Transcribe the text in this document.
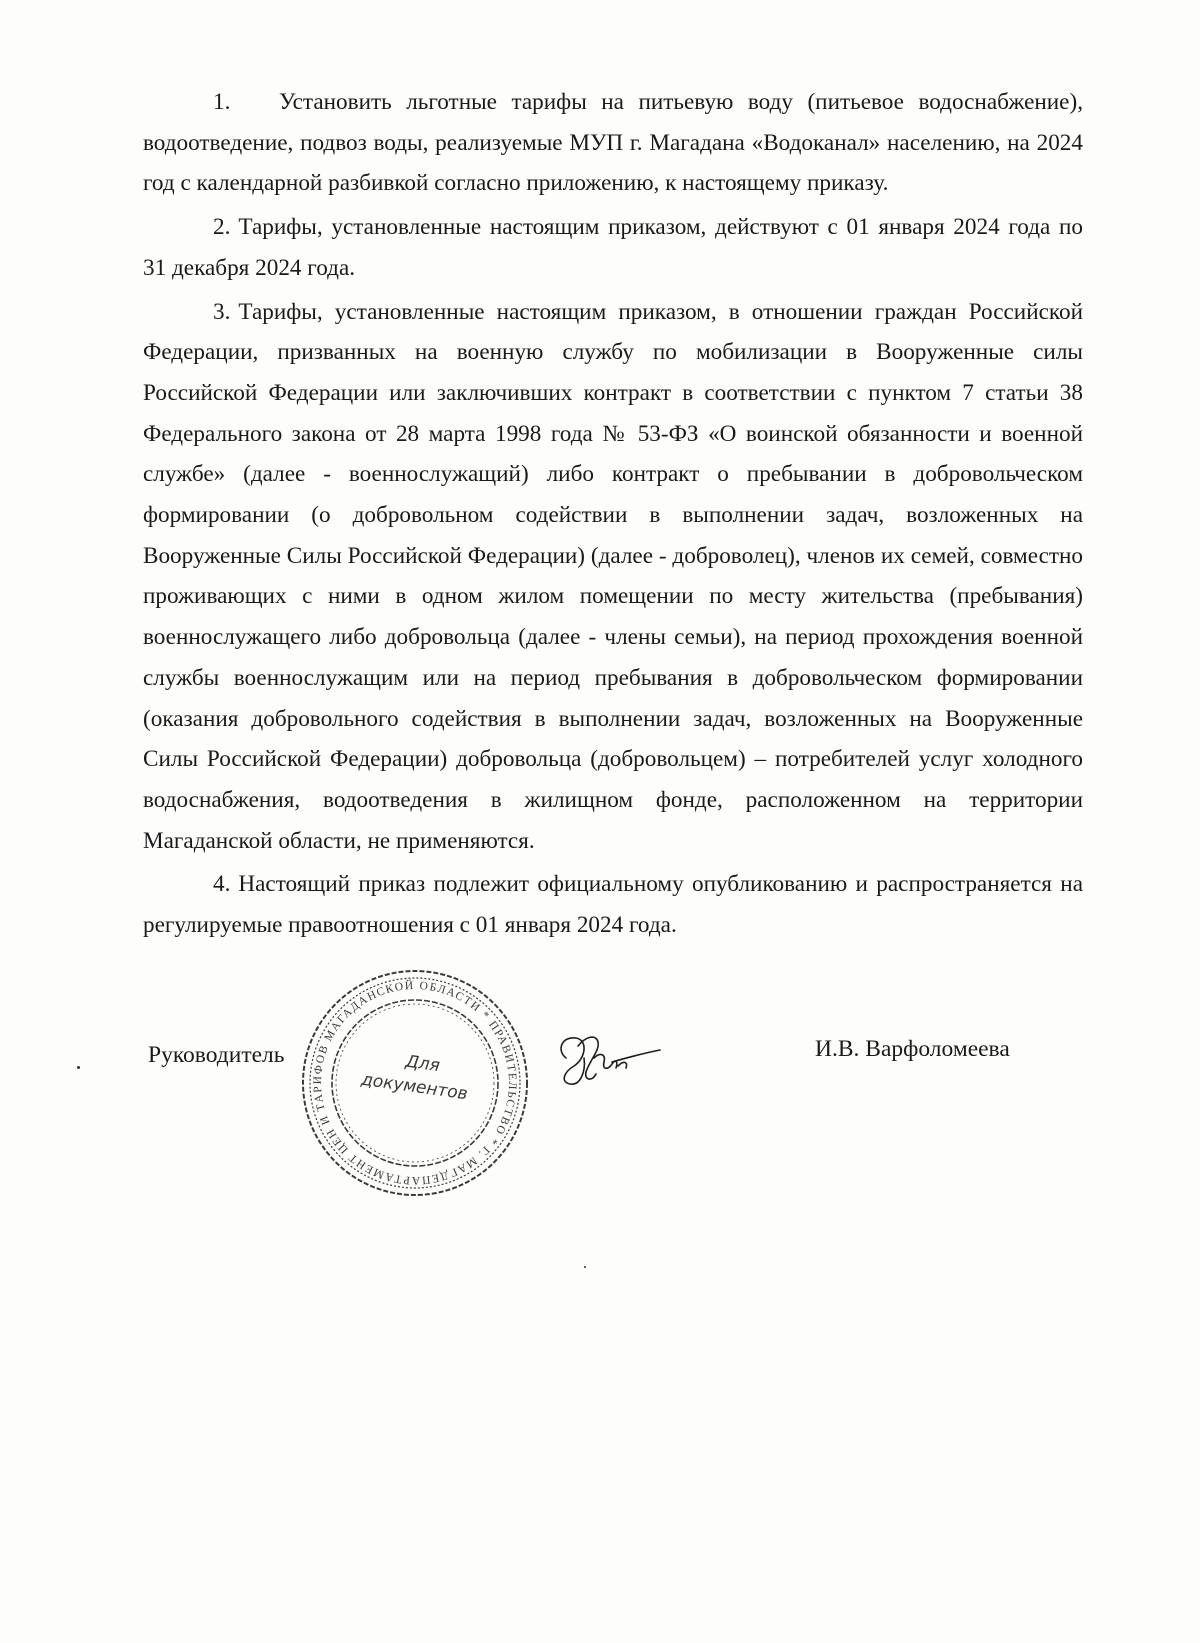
1. Установить льготные тарифы на питьевую воду (питьевое водоснабжение), водоотведение, подвоз воды, реализуемые МУП г. Магадана «Водоканал» населению, на 2024 год с календарной разбивкой согласно приложению, к настоящему приказу.

2. Тарифы, установленные настоящим приказом, действуют с 01 января 2024 года по 31 декабря 2024 года.

3. Тарифы, установленные настоящим приказом, в отношении граждан Российской Федерации, призванных на военную службу по мобилизации в Вооруженные силы Российской Федерации или заключивших контракт в соответствии с пунктом 7 статьи 38 Федерального закона от 28 марта 1998 года № 53-ФЗ «О воинской обязанности и военной службе» (далее - военнослужащий) либо контракт о пребывании в добровольческом формировании (о добровольном содействии в выполнении задач, возложенных на Вооруженные Силы Российской Федерации) (далее - доброволец), членов их семей, совместно проживающих с ними в одном жилом помещении по месту жительства (пребывания) военнослужащего либо добровольца (далее - члены семьи), на период прохождения военной службы военнослужащим или на период пребывания в добровольческом формировании (оказания добровольного содействия в выполнении задач, возложенных на Вооруженные Силы Российской Федерации) добровольца (добровольцем) – потребителей услуг холодного водоснабжения, водоотведения в жилищном фонде, расположенном на территории Магаданской области, не применяются.

4. Настоящий приказ подлежит официальному опубликованию и распространяется на регулируемые правоотношения с 01 января 2024 года.

Руководитель
ДЕПАРТАМЕНТ ЦЕН И ТАРИФОВ МАГАДАНСКОЙ ОБЛАСТИ * ПРАВИТЕЛЬСТВО * Г. МАГАДАН
Для
документов
И.В. Варфоломеева
